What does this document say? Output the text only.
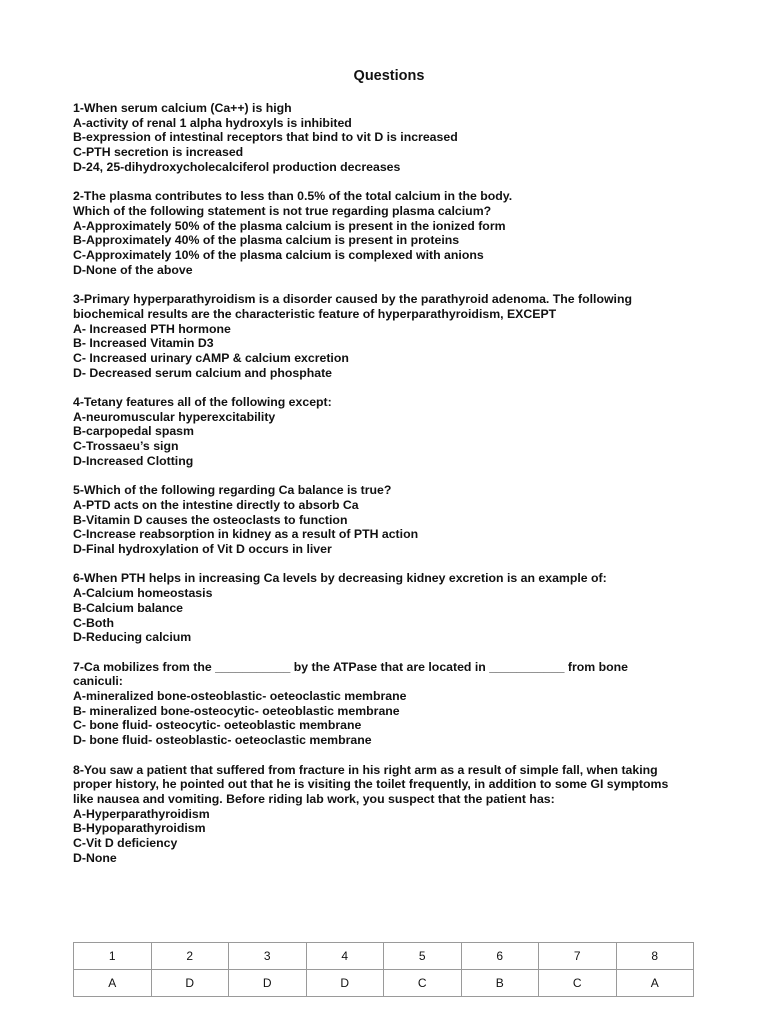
Questions
1-When serum calcium (Ca++) is high
A-activity of renal 1 alpha hydroxyls is inhibited
B-expression of intestinal receptors that bind to vit D is increased
C-PTH secretion is increased
D-24, 25-dihydroxycholecalciferol production decreases
2-The plasma contributes to less than 0.5% of the total calcium in the body.
Which of the following statement is not true regarding plasma calcium?
A-Approximately 50% of the plasma calcium is present in the ionized form
B-Approximately 40% of the plasma calcium is present in proteins
C-Approximately 10% of the plasma calcium is complexed with anions
D-None of the above
3-Primary hyperparathyroidism is a disorder caused by the parathyroid adenoma. The following
biochemical results are the characteristic feature of hyperparathyroidism, EXCEPT
A- Increased PTH hormone
B- Increased Vitamin D3
C- Increased urinary cAMP & calcium excretion
D- Decreased serum calcium and phosphate
4-Tetany features all of the following except:
A-neuromuscular hyperexcitability
B-carpopedal spasm
C-Trossaeu’s sign
D-Increased Clotting
5-Which of the following regarding Ca balance is true?
A-PTD acts on the intestine directly to absorb Ca
B-Vitamin D causes the osteoclasts to function
C-Increase reabsorption in kidney as a result of PTH action
D-Final hydroxylation of Vit D occurs in liver
6-When PTH helps in increasing Ca levels by decreasing kidney excretion is an example of:
A-Calcium homeostasis
B-Calcium balance
C-Both
D-Reducing calcium
7-Ca mobilizes from the ___________ by the ATPase that are located in ___________ from bone
caniculi:
A-mineralized bone-osteoblastic- oeteoclastic membrane
B- mineralized bone-osteocytic- oeteoblastic membrane
C- bone fluid- osteocytic- oeteoblastic membrane
D- bone fluid- osteoblastic- oeteoclastic membrane
8-You saw a patient that suffered from fracture in his right arm as a result of simple fall, when taking
proper history, he pointed out that he is visiting the toilet frequently, in addition to some GI symptoms
like nausea and vomiting. Before riding lab work, you suspect that the patient has:
A-Hyperparathyroidism
B-Hypoparathyroidism
C-Vit D deficiency
D-None
1	2	3	4	5	6	7	8
A	D	D	D	C	B	C	A
